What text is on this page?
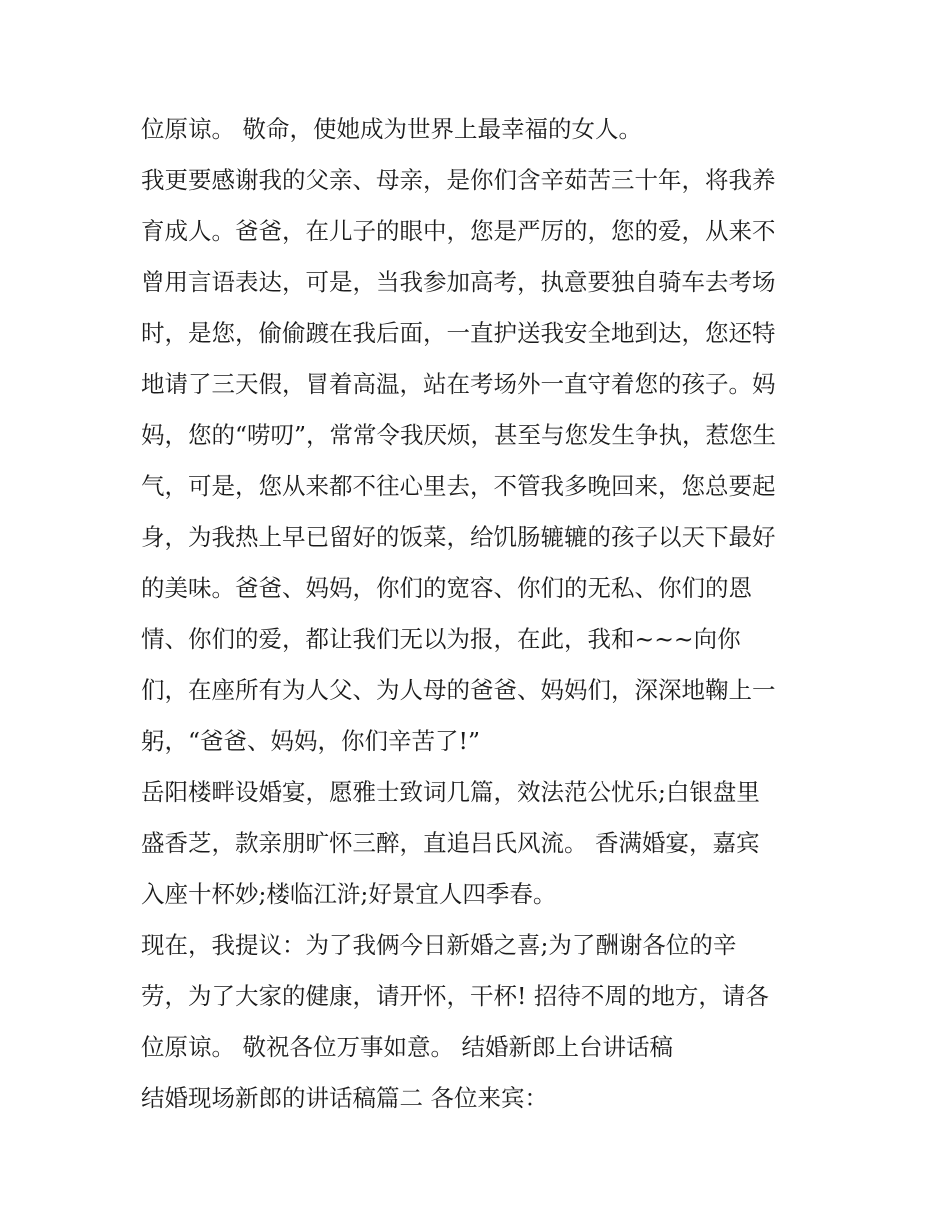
位原谅。 敬命，使她成为世界上最幸福的女人。

我更要感谢我的父亲、母亲，是你们含辛茹苦三十年，将我养

育成人。爸爸，在儿子的眼中，您是严厉的，您的爱，从来不

曾用言语表达，可是，当我参加高考，执意要独自骑车去考场

时，是您，偷偷踱在我后面，一直护送我安全地到达，您还特

地请了三天假，冒着高温，站在考场外一直守着您的孩子。妈

妈，您的“唠叨”，常常令我厌烦，甚至与您发生争执，惹您生

气，可是，您从来都不往心里去，不管我多晚回来，您总要起

身，为我热上早已留好的饭菜，给饥肠辘辘的孩子以天下最好

的美味。爸爸、妈妈，你们的宽容、你们的无私、你们的恩

情、你们的爱，都让我们无以为报，在此，我和~~~向你

们，在座所有为人父、为人母的爸爸、妈妈们，深深地鞠上一

躬，“爸爸、妈妈，你们辛苦了!”

岳阳楼畔设婚宴，愿雅士致词几篇，效法范公忧乐;白银盘里

盛香芝，款亲朋旷怀三醉，直追吕氏风流。 香满婚宴，嘉宾

入座十杯妙;楼临江浒;好景宜人四季春。

现在，我提议：为了我俩今日新婚之喜;为了酬谢各位的辛

劳，为了大家的健康，请开怀，干杯! 招待不周的地方，请各

位原谅。 敬祝各位万事如意。 结婚新郎上台讲话稿

结婚现场新郎的讲话稿篇二 各位来宾：
